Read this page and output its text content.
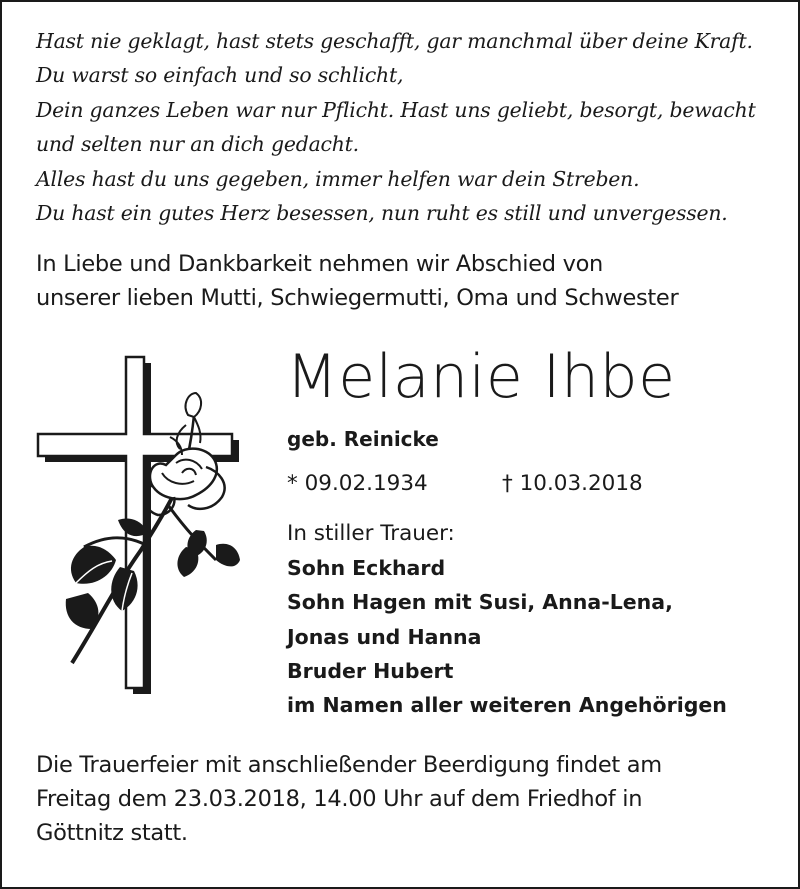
Hast nie geklagt, hast stets geschafft, gar manchmal über deine Kraft.
Du warst so einfach und so schlicht,
Dein ganzes Leben war nur Pflicht. Hast uns geliebt, besorgt, bewacht
und selten nur an dich gedacht.
Alles hast du uns gegeben, immer helfen war dein Streben.
Du hast ein gutes Herz besessen, nun ruht es still und unvergessen.
In Liebe und Dankbarkeit nehmen wir Abschied von
unserer lieben Mutti, Schwiegermutti, Oma und Schwester
Melanie Ihbe
geb. Reinicke
* 09.02.1934	† 10.03.2018
In stiller Trauer:
Sohn Eckhard
Sohn Hagen mit Susi, Anna-Lena,
Jonas und Hanna
Bruder Hubert
im Namen aller weiteren Angehörigen
Die Trauerfeier mit anschließender Beerdigung findet am
Freitag dem 23.03.2018, 14.00 Uhr auf dem Friedhof in
Göttnitz statt.
